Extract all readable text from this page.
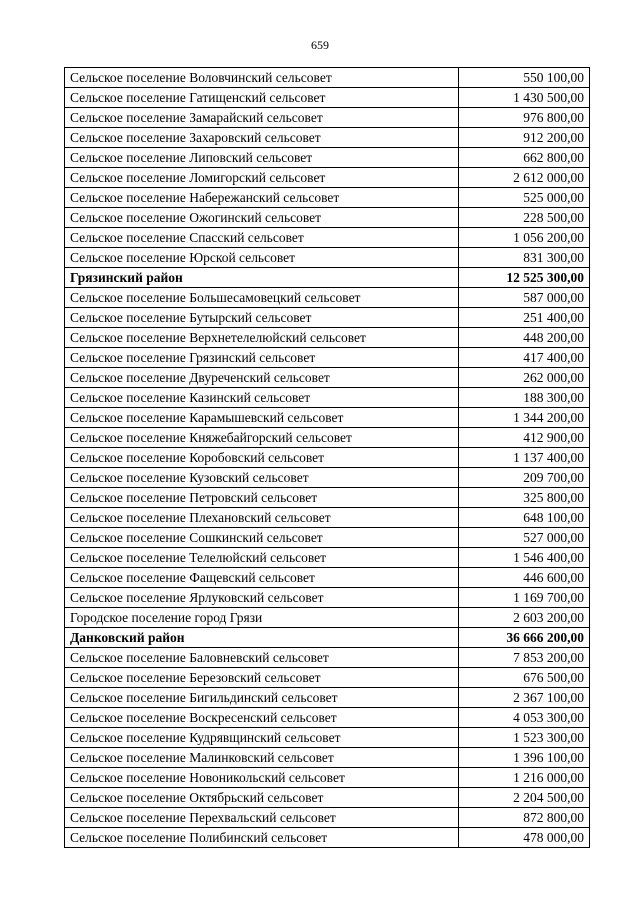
659
Сельское поселение Воловчинский сельсовет	550 100,00
Сельское поселение Гатищенский сельсовет	1 430 500,00
Сельское поселение Замарайский сельсовет	976 800,00
Сельское поселение Захаровский сельсовет	912 200,00
Сельское поселение Липовский сельсовет	662 800,00
Сельское поселение Ломигорский сельсовет	2 612 000,00
Сельское поселение Набережанский сельсовет	525 000,00
Сельское поселение Ожогинский сельсовет	228 500,00
Сельское поселение Спасский сельсовет	1 056 200,00
Сельское поселение Юрской сельсовет	831 300,00
Грязинский район	12 525 300,00
Сельское поселение Большесамовецкий сельсовет	587 000,00
Сельское поселение Бутырский сельсовет	251 400,00
Сельское поселение Верхнетелелюйский сельсовет	448 200,00
Сельское поселение Грязинский сельсовет	417 400,00
Сельское поселение Двуреченский сельсовет	262 000,00
Сельское поселение Казинский сельсовет	188 300,00
Сельское поселение Карамышевский сельсовет	1 344 200,00
Сельское поселение Княжебайгорский сельсовет	412 900,00
Сельское поселение Коробовский сельсовет	1 137 400,00
Сельское поселение Кузовский сельсовет	209 700,00
Сельское поселение Петровский сельсовет	325 800,00
Сельское поселение Плехановский сельсовет	648 100,00
Сельское поселение Сошкинский сельсовет	527 000,00
Сельское поселение Телелюйский сельсовет	1 546 400,00
Сельское поселение Фащевский сельсовет	446 600,00
Сельское поселение Ярлуковский сельсовет	1 169 700,00
Городское поселение город Грязи	2 603 200,00
Данковский район	36 666 200,00
Сельское поселение Баловневский сельсовет	7 853 200,00
Сельское поселение Березовский сельсовет	676 500,00
Сельское поселение Бигильдинский сельсовет	2 367 100,00
Сельское поселение Воскресенский сельсовет	4 053 300,00
Сельское поселение Кудрявщинский сельсовет	1 523 300,00
Сельское поселение Малинковский сельсовет	1 396 100,00
Сельское поселение Новоникольский сельсовет	1 216 000,00
Сельское поселение Октябрьский сельсовет	2 204 500,00
Сельское поселение Перехвальский сельсовет	872 800,00
Сельское поселение Полибинский сельсовет	478 000,00
